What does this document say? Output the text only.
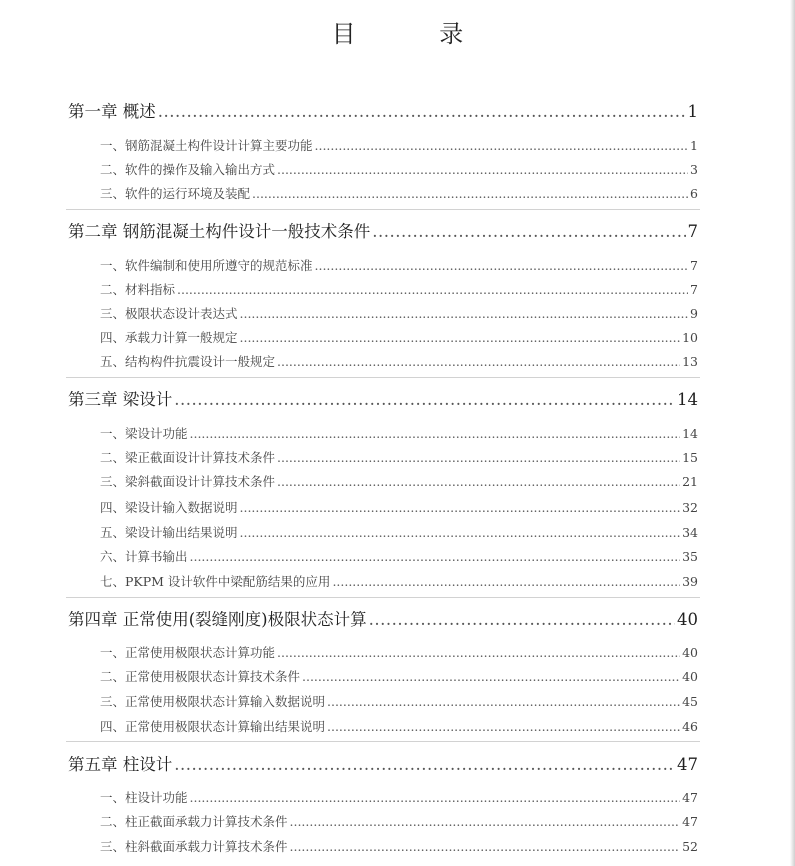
目 录
第一章 概述 .....	1
一、钢筋混凝土构件设计计算主要功能 .....	1
二、软件的操作及输入输出方式 .....	3
三、软件的运行环境及装配 .....	6
第二章 钢筋混凝土构件设计一般技术条件 .....	7
一、软件编制和使用所遵守的规范标准 .....	7
二、材料指标 .....	7
三、极限状态设计表达式 .....	9
四、承载力计算一般规定 .....	10
五、结构构件抗震设计一般规定 .....	13
第三章 梁设计 .....	14
一、梁设计功能 .....	14
二、梁正截面设计计算技术条件 .....	15
三、梁斜截面设计计算技术条件 .....	21
四、梁设计输入数据说明 .....	32
五、梁设计输出结果说明 .....	34
六、计算书输出 .....	35
七、PKPM 设计软件中梁配筋结果的应用 .....	39
第四章 正常使用(裂缝刚度)极限状态计算 .....	40
一、正常使用极限状态计算功能 .....	40
二、正常使用极限状态计算技术条件 .....	40
三、正常使用极限状态计算输入数据说明 .....	45
四、正常使用极限状态计算输出结果说明 .....	46
第五章 柱设计 .....	47
一、柱设计功能 .....	47
二、柱正截面承载力计算技术条件 .....	47
三、柱斜截面承载力计算技术条件 .....	52
